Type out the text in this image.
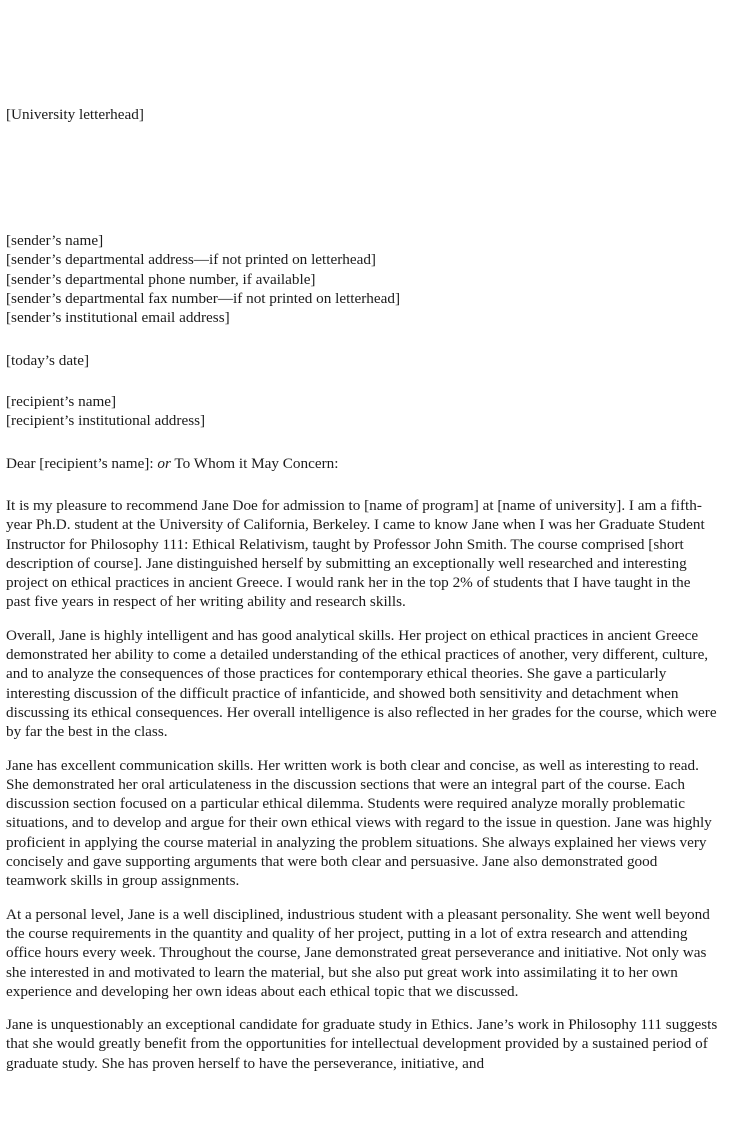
[University letterhead]
[sender’s name]
[sender’s departmental address—if not printed on letterhead]
[sender’s departmental phone number, if available]
[sender’s departmental fax number—if not printed on letterhead]
[sender’s institutional email address]
[today’s date]
[recipient’s name]
[recipient’s institutional address]
Dear [recipient’s name]: or To Whom it May Concern:

It is my pleasure to recommend Jane Doe for admission to [name of program] at [name of university]. I am a fifth-year Ph.D. student at the University of California, Berkeley. I came to know Jane when I was her Graduate Student Instructor for Philosophy 111: Ethical Relativism, taught by Professor John Smith. The course comprised [short description of course]. Jane distinguished herself by submitting an exceptionally well researched and interesting project on ethical practices in ancient Greece. I would rank her in the top 2% of students that I have taught in the past five years in respect of her writing ability and research skills.

Overall, Jane is highly intelligent and has good analytical skills. Her project on ethical practices in ancient Greece demonstrated her ability to come a detailed understanding of the ethical practices of another, very different, culture, and to analyze the consequences of those practices for contemporary ethical theories. She gave a particularly interesting discussion of the difficult practice of infanticide, and showed both sensitivity and detachment when discussing its ethical consequences. Her overall intelligence is also reflected in her grades for the course, which were by far the best in the class.

Jane has excellent communication skills. Her written work is both clear and concise, as well as interesting to read. She demonstrated her oral articulateness in the discussion sections that were an integral part of the course. Each discussion section focused on a particular ethical dilemma. Students were required analyze morally problematic situations, and to develop and argue for their own ethical views with regard to the issue in question. Jane was highly proficient in applying the course material in analyzing the problem situations. She always explained her views very concisely and gave supporting arguments that were both clear and persuasive. Jane also demonstrated good teamwork skills in group assignments.

At a personal level, Jane is a well disciplined, industrious student with a pleasant personality. She went well beyond the course requirements in the quantity and quality of her project, putting in a lot of extra research and attending office hours every week. Throughout the course, Jane demonstrated great perseverance and initiative. Not only was she interested in and motivated to learn the material, but she also put great work into assimilating it to her own experience and developing her own ideas about each ethical topic that we discussed.

Jane is unquestionably an exceptional candidate for graduate study in Ethics. Jane’s work in Philosophy 111 suggests that she would greatly benefit from the opportunities for intellectual development provided by a sustained period of graduate study. She has proven herself to have the perseverance, initiative, and
